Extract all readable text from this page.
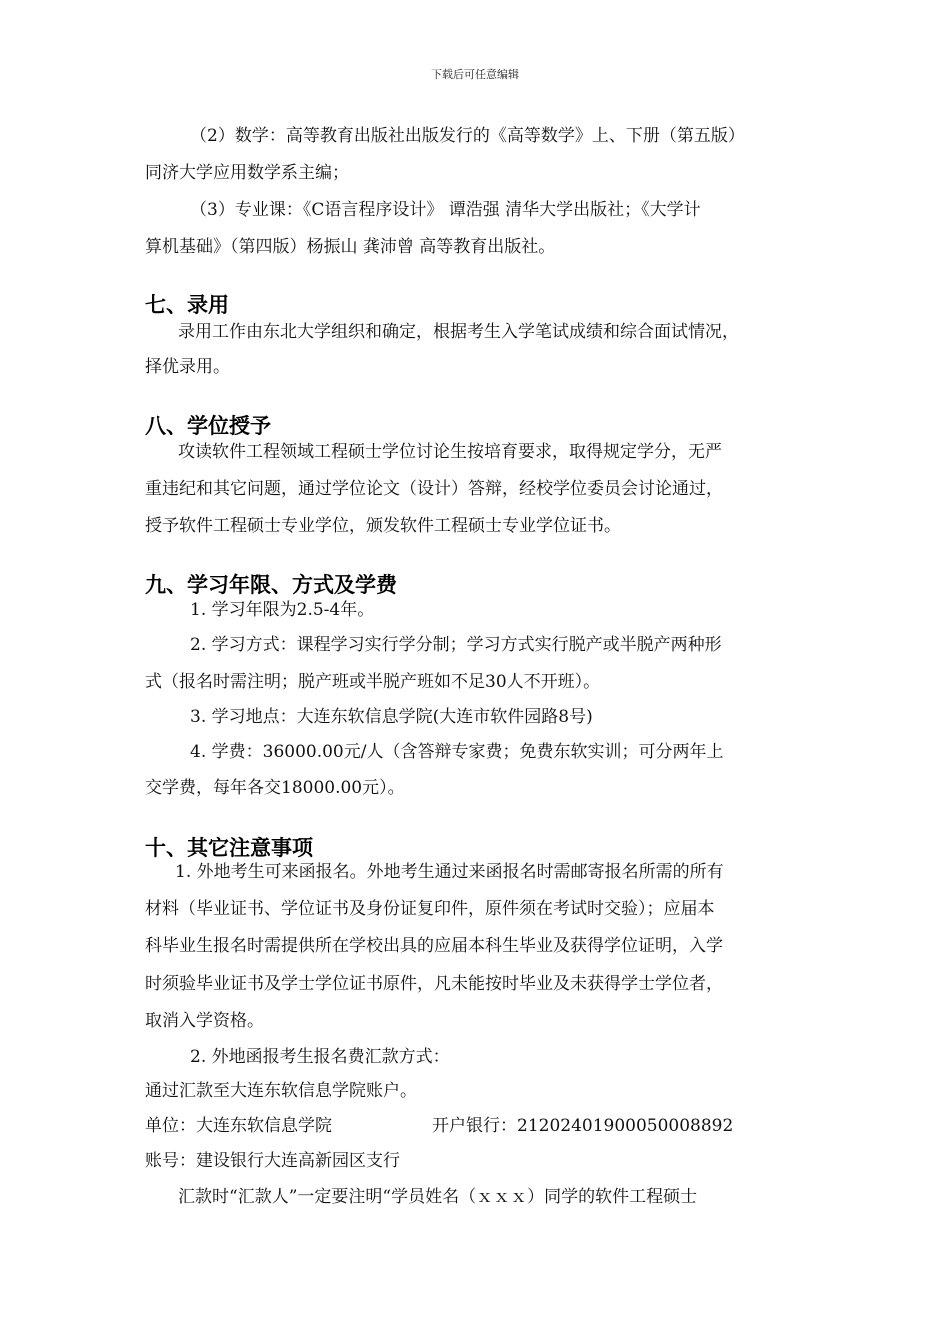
下载后可任意编辑
（2）数学：高等教育出版社出版发行的《高等数学》上、下册（第五版）
同济大学应用数学系主编；
（3）专业课：《C语言程序设计》 谭浩强 清华大学出版社；《大学计
算机基础》（第四版）杨振山 龚沛曾 高等教育出版社。
七、录用
录用工作由东北大学组织和确定，根据考生入学笔试成绩和综合面试情况，
择优录用。
八、学位授予
攻读软件工程领域工程硕士学位讨论生按培育要求，取得规定学分，无严
重违纪和其它问题，通过学位论文（设计）答辩，经校学位委员会讨论通过，
授予软件工程硕士专业学位，颁发软件工程硕士专业学位证书。
九、学习年限、方式及学费
1. 学习年限为2.5-4年。
2. 学习方式：课程学习实行学分制；学习方式实行脱产或半脱产两种形
式（报名时需注明；脱产班或半脱产班如不足30人不开班）。
3. 学习地点：大连东软信息学院(大连市软件园路8号)
4. 学费：36000.00元/人（含答辩专家费；免费东软实训；可分两年上
交学费，每年各交18000.00元）。
十、其它注意事项
1. 外地考生可来函报名。外地考生通过来函报名时需邮寄报名所需的所有
材料（毕业证书、学位证书及身份证复印件，原件须在考试时交验）；应届本
科毕业生报名时需提供所在学校出具的应届本科生毕业及获得学位证明，入学
时须验毕业证书及学士学位证书原件，凡未能按时毕业及未获得学士学位者，
取消入学资格。
2. 外地函报考生报名费汇款方式：
通过汇款至大连东软信息学院账户。
单位：大连东软信息学院	开户银行：21202401900050008892
账号：建设银行大连高新园区支行
汇款时“汇款人”一定要注明“学员姓名（ｘｘｘ）同学的软件工程硕士
